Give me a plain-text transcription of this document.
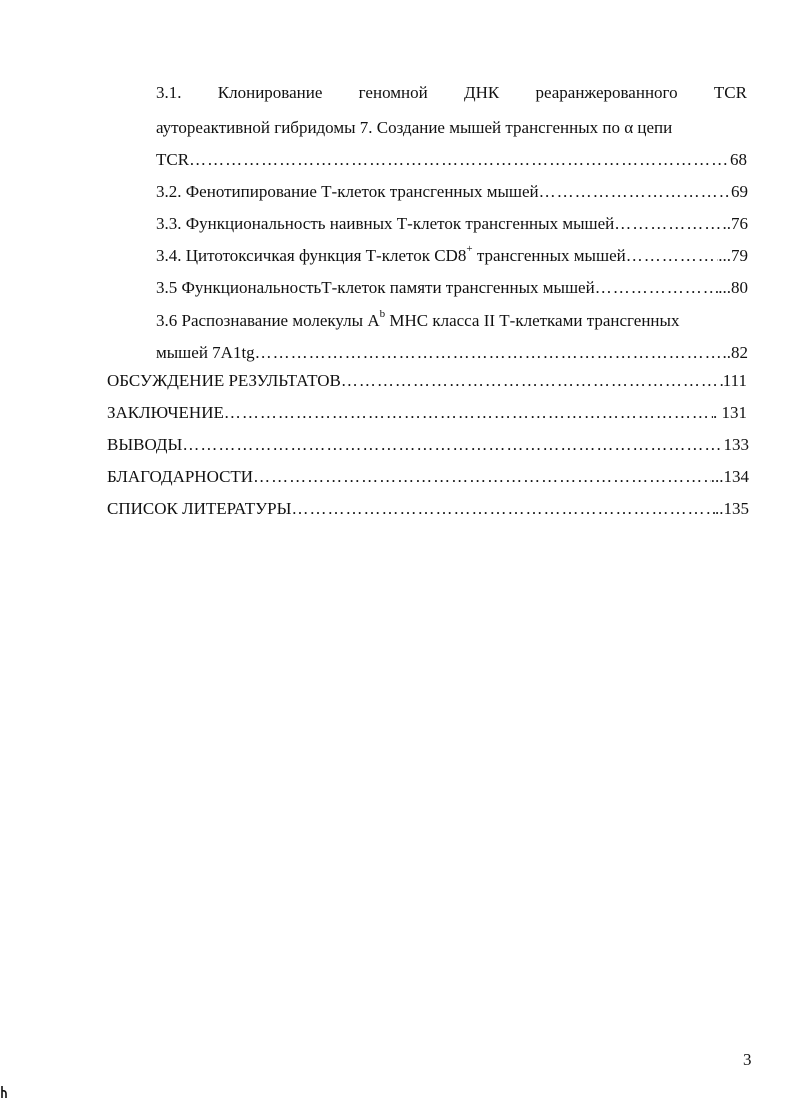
3.1. Клонирование геномной ДНК реаранжерованного TCR
аутореактивной гибридомы 7. Создание мышей трансгенных по α цепи
TCR …………………………………………………………………………………………………………………………………………………………………………………………………………………	68
3.2. Фенотипирование Т-клеток трансгенных мышей …………………………………………………………………………………………………………………………………………………………………………………………………………………	69
3.3. Функциональность наивных Т-клеток трансгенных мышей …………………………………………………………………………………………………………………………………………………………………………………………………………………	..76
3.4. Цитотоксичкая функция Т-клеток CD8+ трансгенных мышей …………………………………………………………………………………………………………………………………………………………………………………………………………………	...79
3.5 ФункциональностьТ-клеток памяти трансгенных мышей …………………………………………………………………………………………………………………………………………………………………………………………………………………	...80
3.6 Распознавание молекулы $A^b$ MHC класса II Т-клетками трансгенных
мышей 7A1tg …………………………………………………………………………………………………………………………………………………………………………………………………………………	..82
ОБСУЖДЕНИЕ РЕЗУЛЬТАТОВ …………………………………………………………………………………………………………………………………………………………………………………………………………………	111
ЗАКЛЮЧЕНИЕ …………………………………………………………………………………………………………………………………………………………………………………………………………………	. 131
ВЫВОДЫ …………………………………………………………………………………………………………………………………………………………………………………………………………………	133
БЛАГОДАРНОСТИ …………………………………………………………………………………………………………………………………………………………………………………………………………………	...134
СПИСОК ЛИТЕРАТУРЫ …………………………………………………………………………………………………………………………………………………………………………………………………………………	..135
3
